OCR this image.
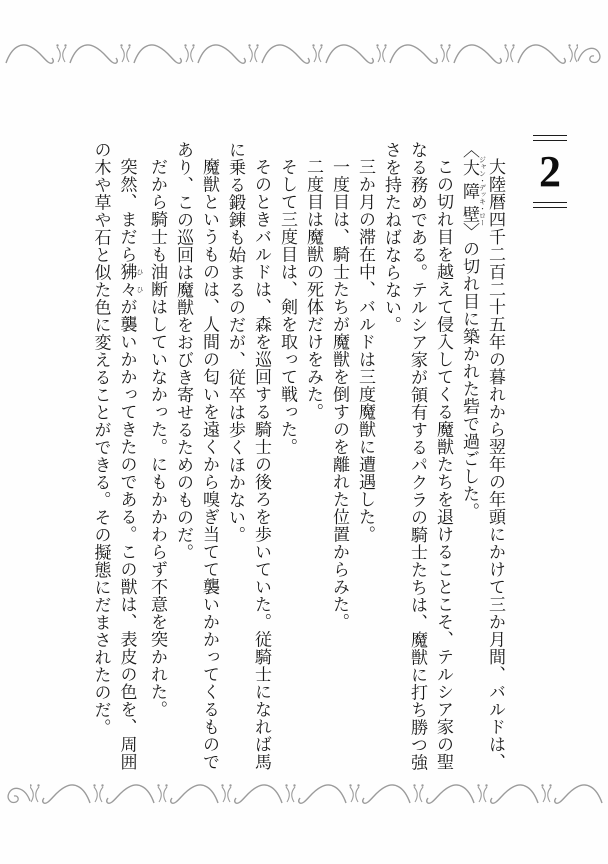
2

大陸暦四千二百二十五年の暮れから翌年の年頭にかけて三か月間、バルドは、〈大障壁 ジャン・デッキ・ロー〉の切れ目に築かれた砦で過ごした。

この切れ目を越えて侵入してくる魔獣たちを退けることこそ、テルシア家の聖なる務めである。テルシア家が領有するパクラの騎士たちは、魔獣に打ち勝つ強さを持たねばならない。

三か月の滞在中、バルドは三度魔獣に遭遇した。

一度目は、騎士たちが魔獣を倒すのを離れた位置からみた。

二度目は魔獣の死体だけをみた。

そして三度目は、剣を取って戦った。

そのときバルドは、森を巡回する騎士の後ろを歩いていた。従騎士になれば馬に乗る鍛錬も始まるのだが、従卒は歩くほかない。

魔獣というものは、人間の匂いを遠くから嗅ぎ当てて襲いかかってくるものであり、この巡回は魔獣をおびき寄せるためのものだ。

だから騎士も油断はしていなかった。にもかかわらず不意を突かれた。

突然、まだら狒々 ひひが襲いかかってきたのである。この獣は、表皮の色を、周囲の木や草や石と似た色に変えることができる。その擬態にだまされたのだ。
